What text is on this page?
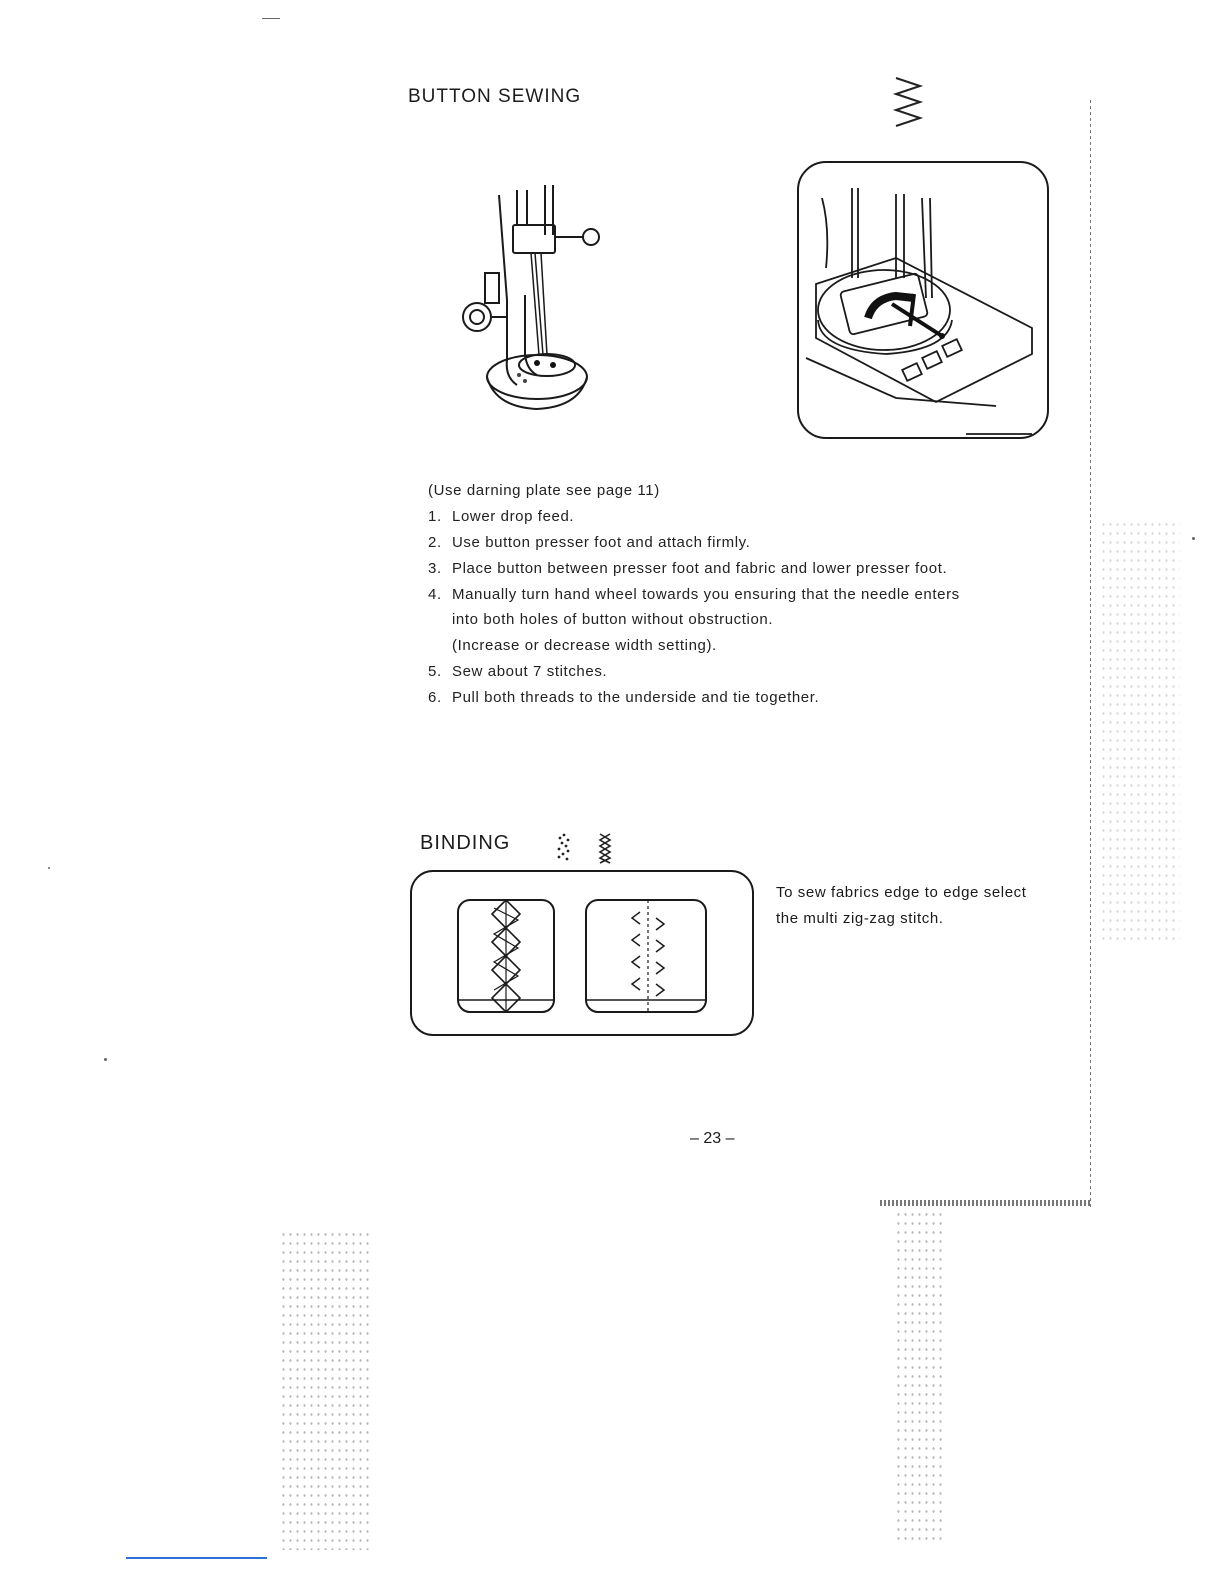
BUTTON SEWING
(Use darning plate see page 11)
1. Lower drop feed.
2. Use button presser foot and attach firmly.
3. Place button between presser foot and fabric and lower presser foot.
4. Manually turn hand wheel towards you ensuring that the needle enters
into both holes of button without obstruction.
(Increase or decrease width setting).
5. Sew about 7 stitches.
6. Pull both threads to the underside and tie together.
BINDING
To sew fabrics edge to edge select
the multi zig-zag stitch.
– 23 –
